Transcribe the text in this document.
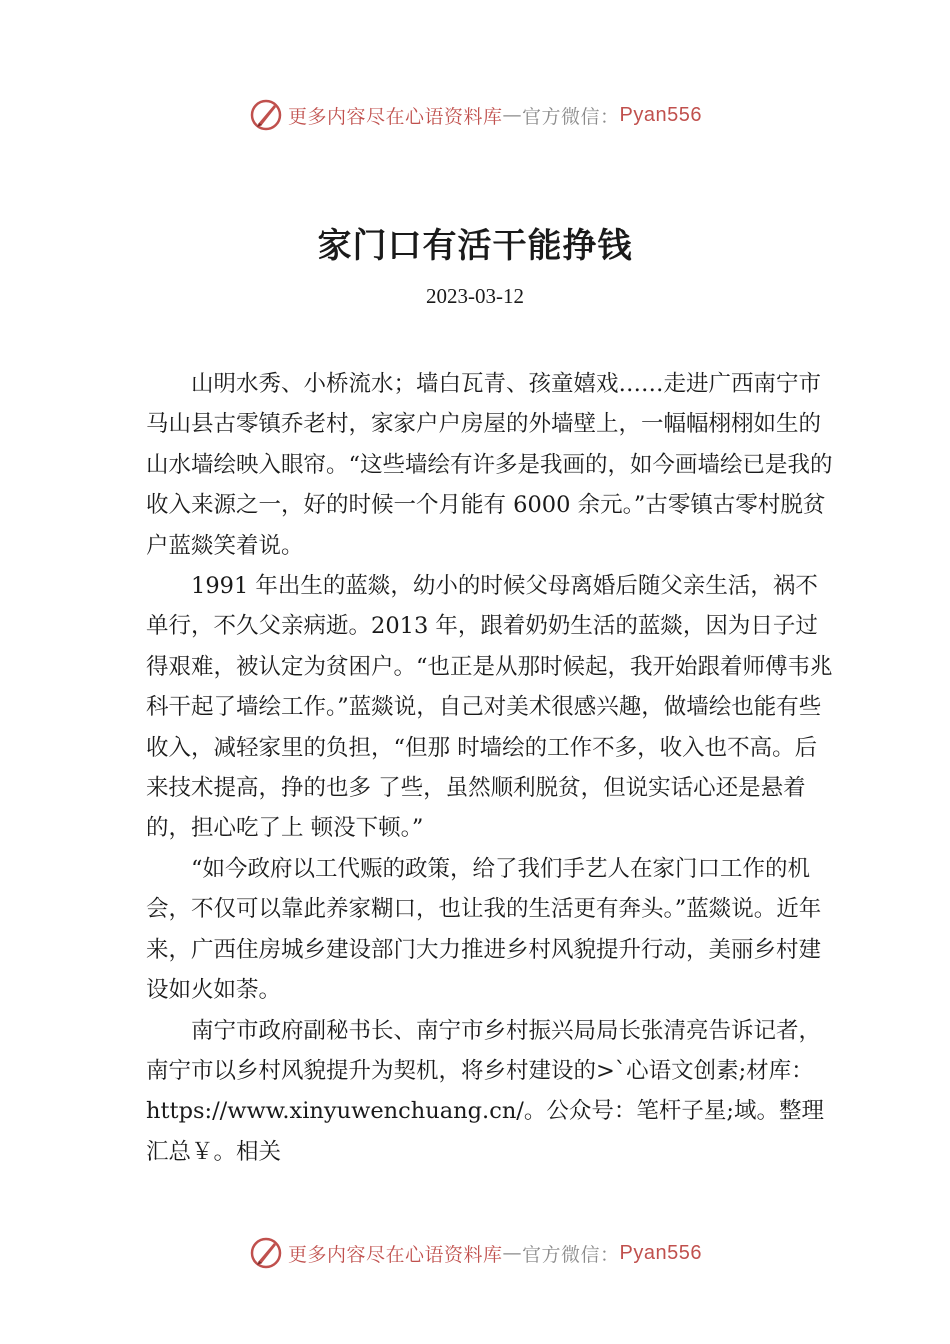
更多内容尽在心语资料库 — 官方微信： Pyan556
家门口有活干能挣钱
2023-03-12

山明水秀、小桥流水；墙白瓦青、孩童嬉戏……走进广西南宁市马山县古零镇乔老村，家家户户房屋的外墙壁上，一幅幅栩栩如生的山水墙绘映入眼帘。“这些墙绘有许多是我画的，如今画墙绘已是我的收入来源之一，好的时候一个月能有 6000 余元。”古零镇古零村脱贫户蓝燚笑着说。

1991 年出生的蓝燚，幼小的时候父母离婚后随父亲生活，祸不单行，不久父亲病逝。2013 年，跟着奶奶生活的蓝燚，因为日子过得艰难，被认定为贫困户。“也正是从那时候起，我开始跟着师傅韦兆科干起了墙绘工作。”蓝燚说，自己对美术很感兴趣，做墙绘也能有些收入，减轻家里的负担，“但那 时墙绘的工作不多，收入也不高。后来技术提高，挣的也多 了些，虽然顺利脱贫，但说实话心还是悬着的，担心吃了上 顿没下顿。”

“如今政府以工代赈的政策，给了我们手艺人在家门口工作的机会，不仅可以靠此养家糊口，也让我的生活更有奔头。”蓝燚说。近年来，广西住房城乡建设部门大力推进乡村风貌提升行动，美丽乡村建设如火如荼。

南宁市政府副秘书长、南宁市乡村振兴局局长张清亮告诉记者，南宁市以乡村风貌提升为契机，将乡村建设的>`心语文创素;材库：https://www.xinyuwenchuang.cn/。公众号：笔杆子星;域。整理汇总￥。相关

更多内容尽在心语资料库 — 官方微信： Pyan556
